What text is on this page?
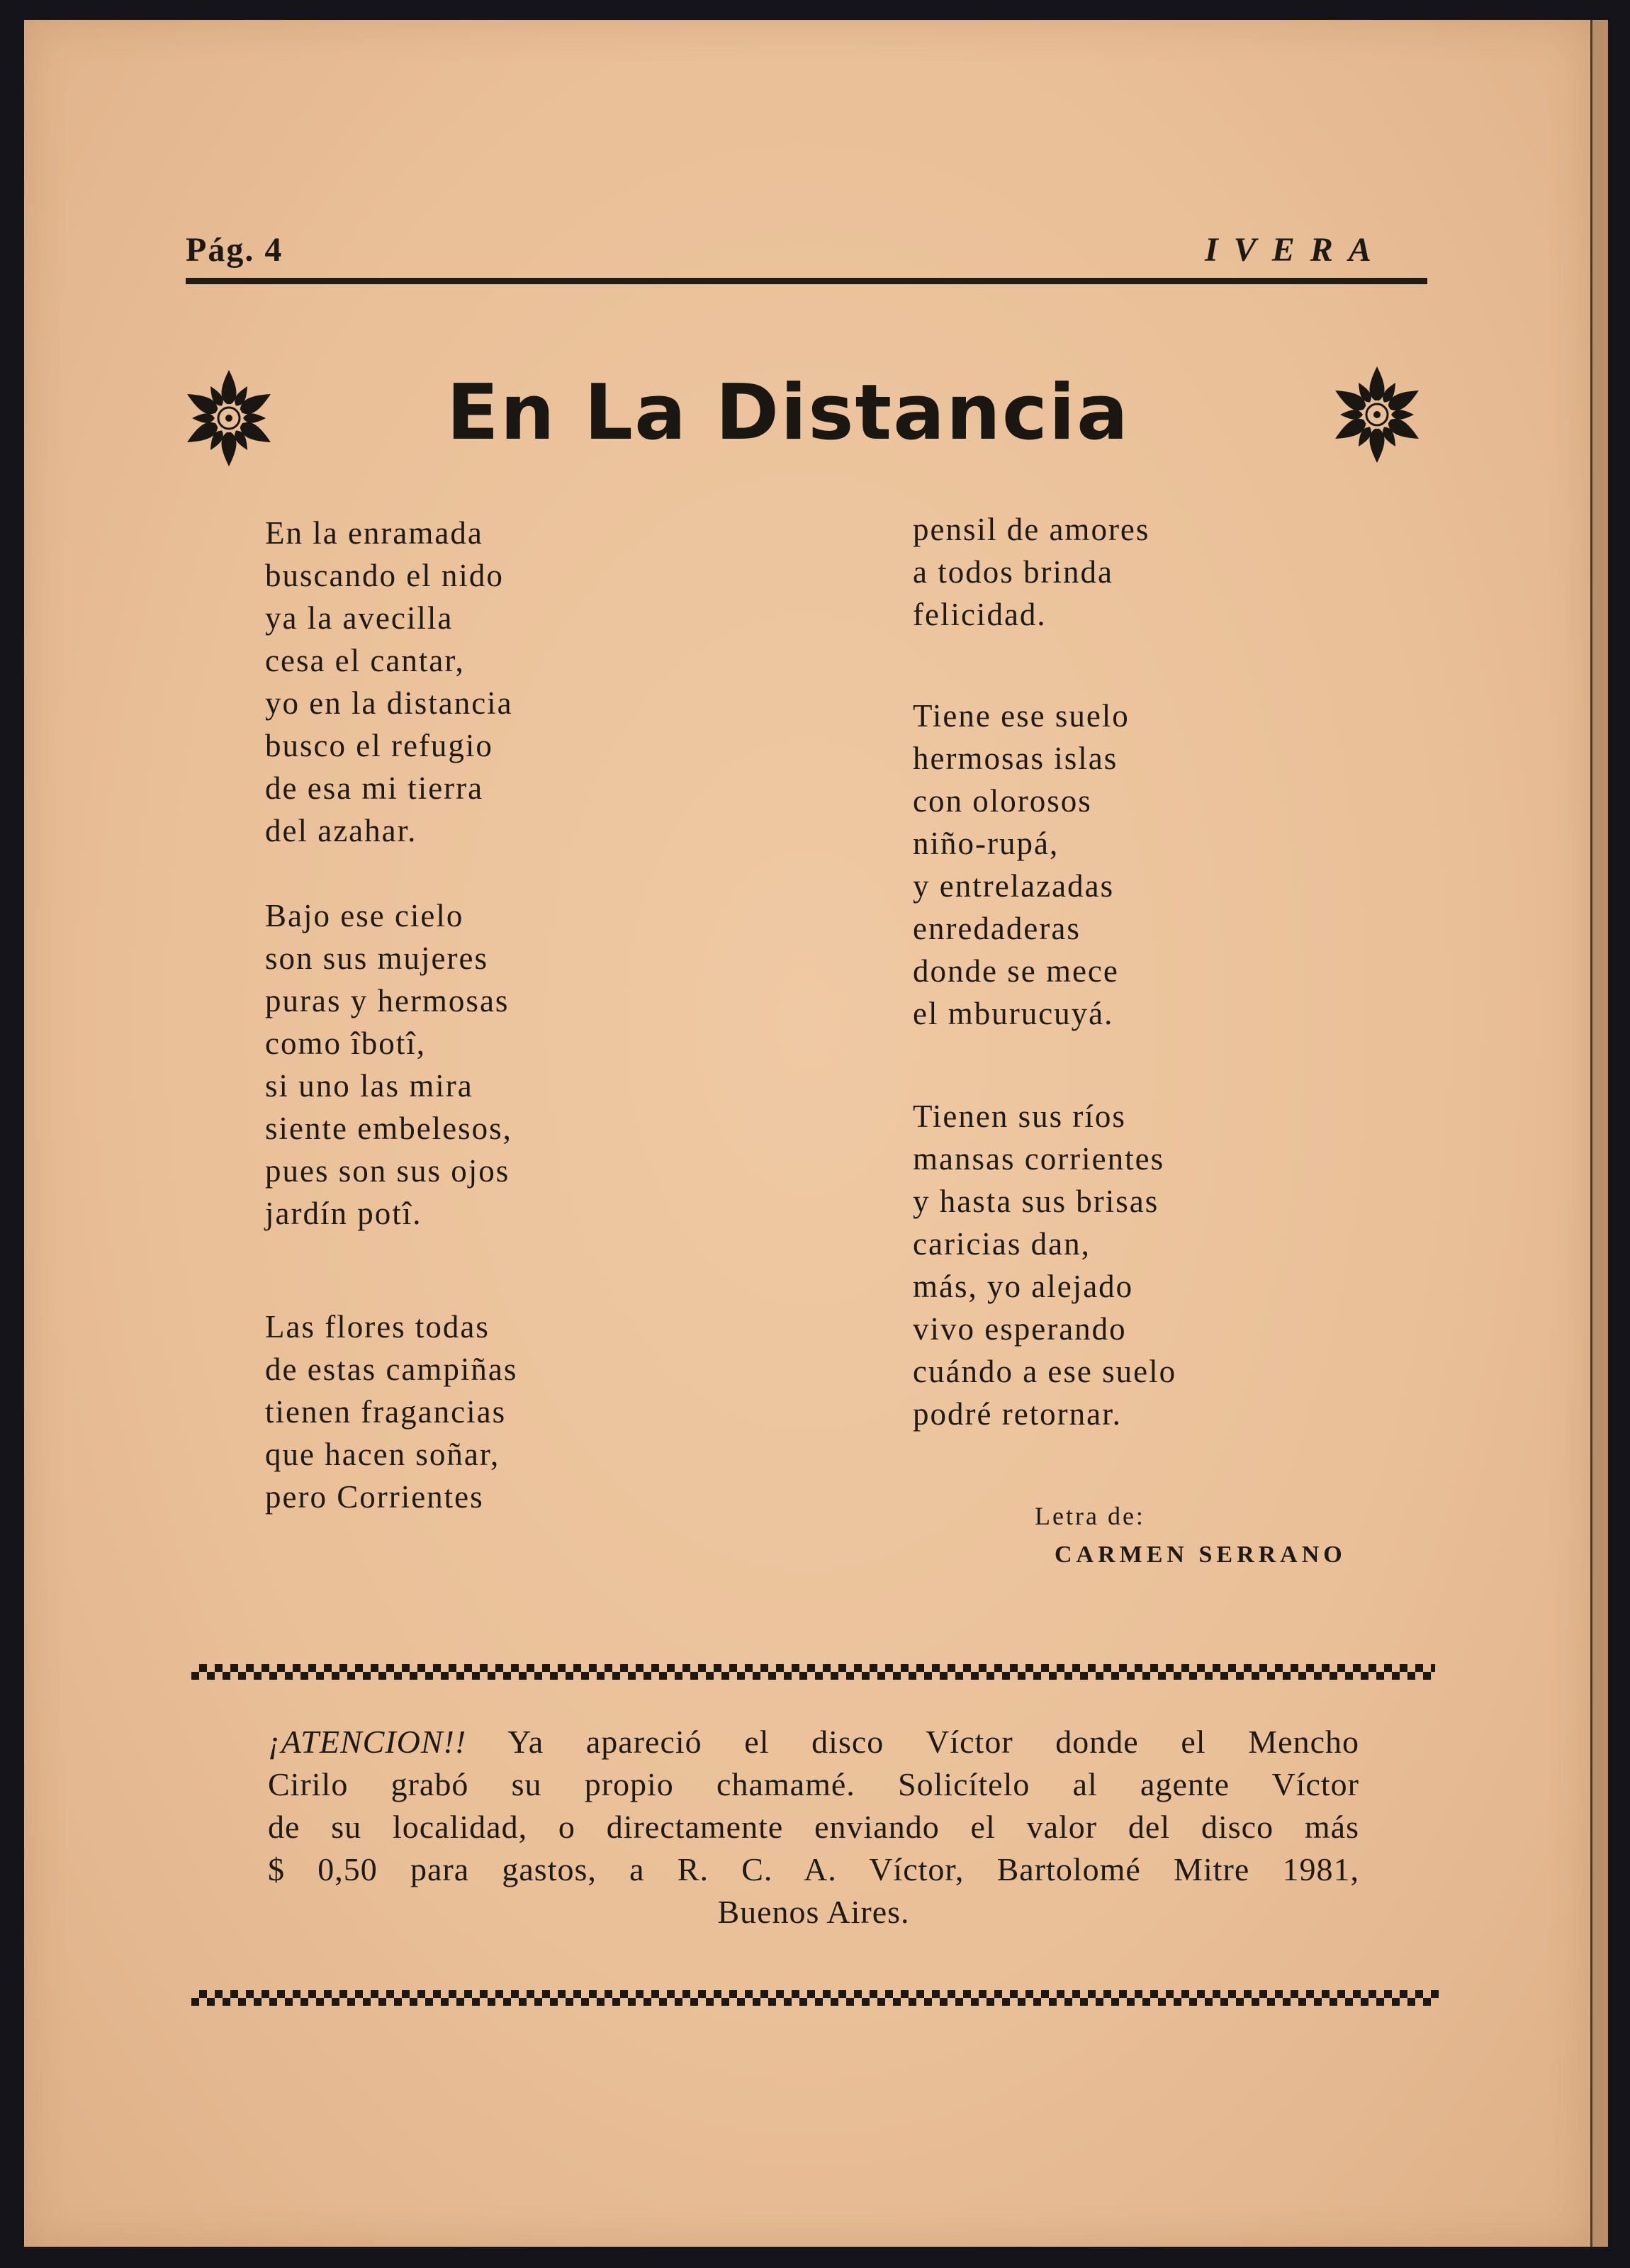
Pág. 4	IVERA
En La Distancia
En la enramada
buscando el nido
ya la avecilla
cesa el cantar,
yo en la distancia
busco el refugio
de esa mi tierra
del azahar.
Bajo ese cielo
son sus mujeres
puras y hermosas
como îbotî,
si uno las mira
siente embelesos,
pues son sus ojos
jardín potî.
Las flores todas
de estas campiñas
tienen fragancias
que hacen soñar,
pero Corrientes
pensil de amores
a todos brinda
felicidad.
Tiene ese suelo
hermosas islas
con olorosos
niño-rupá,
y entrelazadas
enredaderas
donde se mece
el mburucuyá.
Tienen sus ríos
mansas corrientes
y hasta sus brisas
caricias dan,
más, yo alejado
vivo esperando
cuándo a ese suelo
podré retornar.
Letra de:
CARMEN SERRANO
¡ATENCION!! Ya apareció el disco Víctor donde el Mencho
Cirilo grabó su propio chamamé. Solicítelo al agente Víctor
de su localidad, o directamente enviando el valor del disco más
$ 0,50 para gastos, a R. C. A. Víctor, Bartolomé Mitre 1981,
Buenos Aires.
